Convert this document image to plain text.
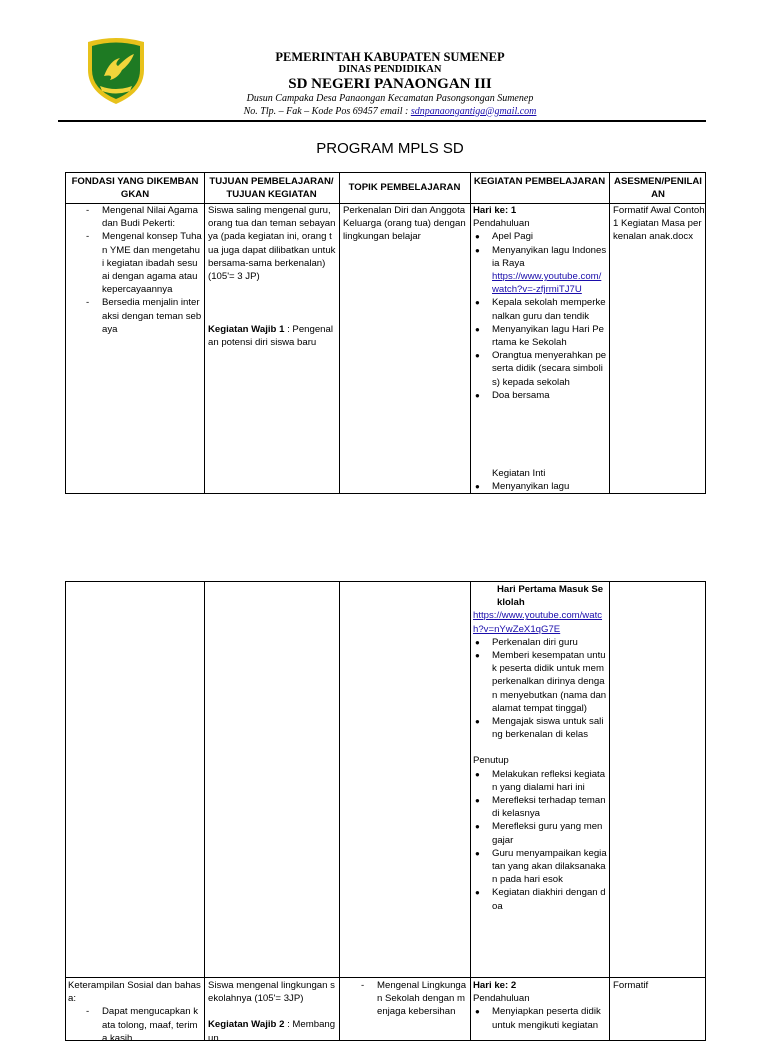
PEMERINTAH KABUPATEN SUMENEP
DINAS PENDIDIKAN
SD NEGERI PANAONGAN III
Dusun Campaka Desa Panaongan Kecamatan Pasongsongan Sumenep
No. Tlp. – Fak – Kode Pos 69457 email : sdnpanaongantiga@gmail.com
PROGRAM MPLS SD
FONDASI YANG DIKEMBANGKAN
TUJUAN PEMBELAJARAN/ TUJUAN KEGIATAN
TOPIK PEMBELAJARAN
KEGIATAN PEMBELAJARAN ASESMEN/PENILAIAN
- Mengenal Nilai Agama dan Budi Pekerti:
- Mengenal konsep Tuhan YME dan mengetahui kegiatan ibadah sesuai dengan agama atau kepercayaannya
- Bersedia menjalin interaksi dengan teman sebaya
Siswa saling mengenal guru, orang tua dan teman sebayanya (pada kegiatan ini, orang tua juga dapat dilibatkan untuk bersama-sama berkenalan) (105'= 3 JP)
Kegiatan Wajib 1 : Pengenalan potensi diri siswa baru
Perkenalan Diri dan Anggota Keluarga (orang tua) dengan lingkungan belajar
Hari ke: 1
Pendahuluan
● Apel Pagi
● Menyanyikan lagu Indonesia Raya
https://www.youtube.com/watch?v=-zfjrmiTJ7U
● Kepala sekolah memperkenalkan guru dan tendik
● Menyanyikan lagu Hari Pertama ke Sekolah
● Orangtua menyerahkan peserta didik (secara simbolis) kepada sekolah
● Doa bersama
Kegiatan Inti
● Menyanyikan lagu
Formatif Awal Contoh 1 Kegiatan Masa perkenalan anak.docx
Hari Pertama Masuk Seklolah
https://www.youtube.com/watch?v=nYwZeX1qG7E
● Perkenalan diri guru
● Memberi kesempatan untuk peserta didik untuk memperkenalkan dirinya dengan menyebutkan (nama dan alamat tempat tinggal)
● Mengajak siswa untuk saling berkenalan di kelas
Penutup
● Melakukan refleksi kegiatan yang dialami hari ini
● Merefleksi terhadap teman di kelasnya
● Merefleksi guru yang mengajar
● Guru menyampaikan kegiatan yang akan dilaksanakan pada hari esok
● Kegiatan diakhiri dengan doa
Keterampilan Sosial dan bahasa:
- Dapat mengucapkan kata tolong, maaf, terima kasih
Siswa mengenal lingkungan sekolahnya (105'= 3JP)
Kegiatan Wajib 2 : Membangun
- Mengenal Lingkungan Sekolah dengan menjaga kebersihan
Hari ke: 2
Pendahuluan
● Menyiapkan peserta didik untuk mengikuti kegiatan
Formatif
